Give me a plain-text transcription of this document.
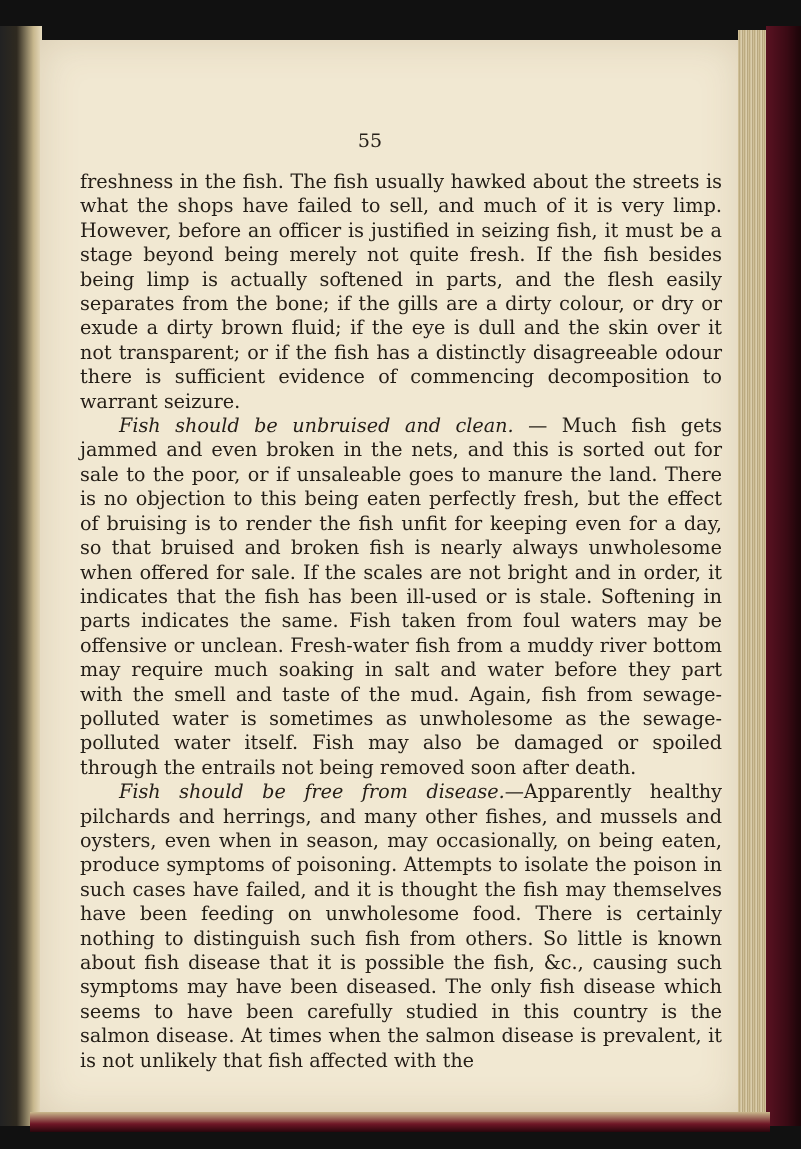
55

freshness in the fish. The fish usually hawked about the streets is what the shops have failed to sell, and much of it is very limp. However, before an officer is justified in seizing fish, it must be a stage beyond being merely not quite fresh. If the fish besides being limp is actually softened in parts, and the flesh easily separates from the bone; if the gills are a dirty colour, or dry or exude a dirty brown fluid; if the eye is dull and the skin over it not transparent; or if the fish has a distinctly disagreeable odour there is sufficient evidence of commencing decomposition to warrant seizure.

Fish should be unbruised and clean. — Much fish gets jammed and even broken in the nets, and this is sorted out for sale to the poor, or if unsaleable goes to manure the land. There is no objection to this being eaten perfectly fresh, but the effect of bruising is to render the fish unfit for keeping even for a day, so that bruised and broken fish is nearly always unwholesome when offered for sale. If the scales are not bright and in order, it indicates that the fish has been ill-used or is stale. Softening in parts indicates the same. Fish taken from foul waters may be offensive or unclean. Fresh-water fish from a muddy river bottom may require much soaking in salt and water before they part with the smell and taste of the mud. Again, fish from sewage-polluted water is sometimes as unwholesome as the sewage-polluted water itself. Fish may also be damaged or spoiled through the entrails not being removed soon after death.

Fish should be free from disease.—Apparently healthy pilchards and herrings, and many other fishes, and mussels and oysters, even when in season, may occasionally, on being eaten, produce symptoms of poisoning. Attempts to isolate the poison in such cases have failed, and it is thought the fish may themselves have been feeding on unwholesome food. There is certainly nothing to distinguish such fish from others. So little is known about fish disease that it is possible the fish, &c., causing such symptoms may have been diseased. The only fish disease which seems to have been carefully studied in this country is the salmon disease. At times when the salmon disease is prevalent, it is not unlikely that fish affected with the
